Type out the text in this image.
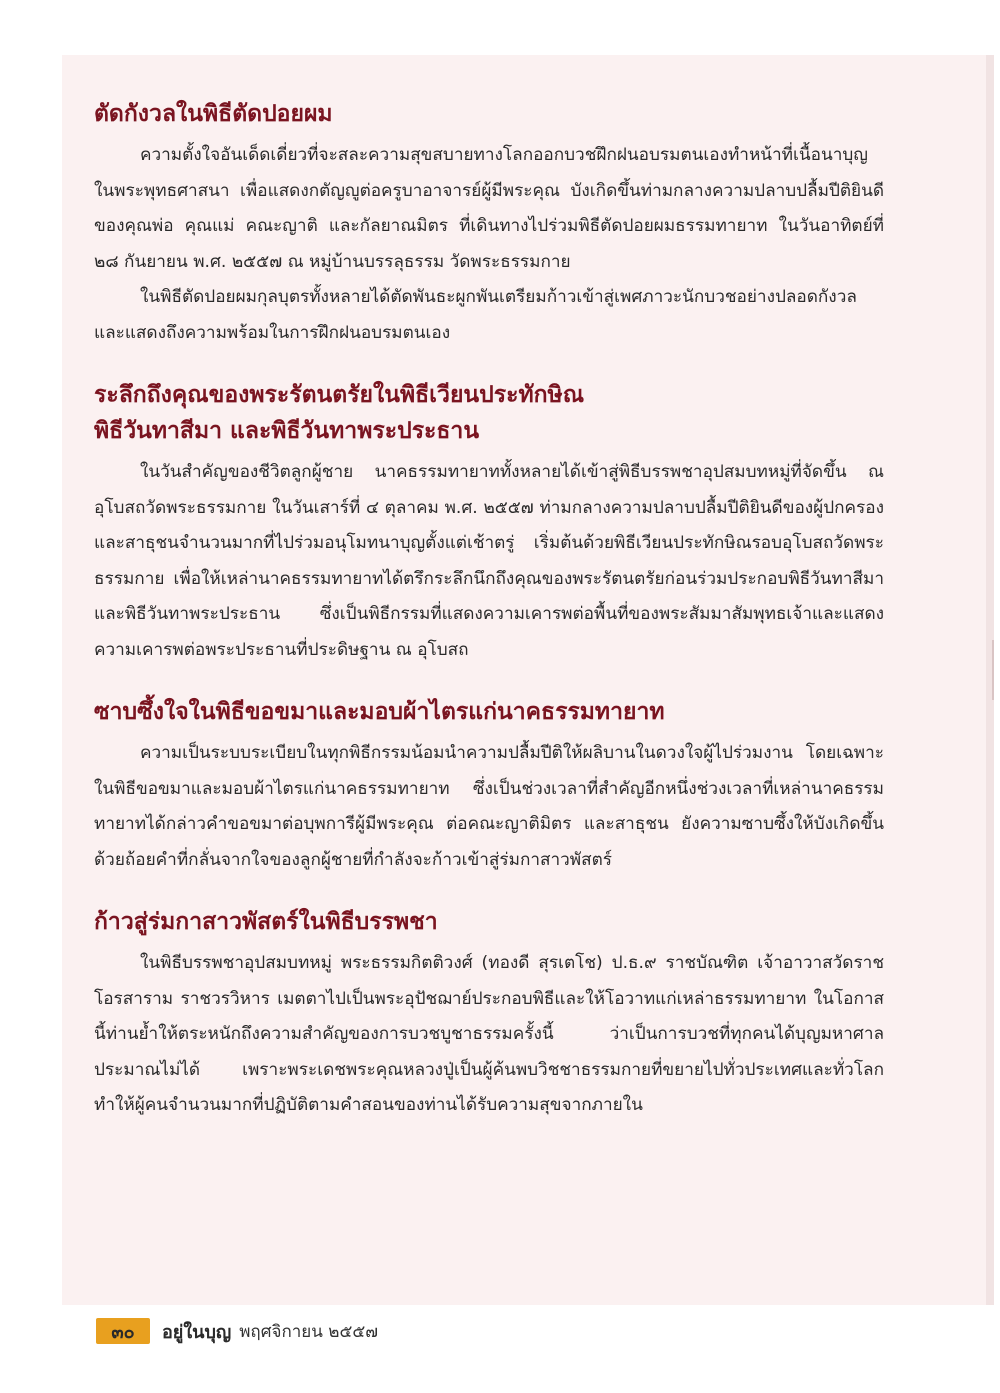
ตัดกังวลในพิธีตัดปอยผม

ความตั้งใจอันเด็ดเดี่ยวที่จะสละความสุขสบายทางโลกออกบวชฝึกฝนอบรมตนเองทำหน้าที่เนื้อนาบุญในพระพุทธศาสนา เพื่อแสดงกตัญญูต่อครูบาอาจารย์ผู้มีพระคุณ บังเกิดขึ้นท่ามกลางความปลาบปลื้มปีติยินดีของคุณพ่อ คุณแม่ คณะญาติ และกัลยาณมิตร ที่เดินทางไปร่วมพิธีตัดปอยผมธรรมทายาท ในวันอาทิตย์ที่ ๒๘ กันยายน พ.ศ. ๒๕๕๗ ณ หมู่บ้านบรรลุธรรม วัดพระธรรมกาย

ในพิธีตัดปอยผมกุลบุตรทั้งหลายได้ตัดพันธะผูกพันเตรียมก้าวเข้าสู่เพศภาวะนักบวชอย่างปลอดกังวลและแสดงถึงความพร้อมในการฝึกฝนอบรมตนเอง

ระลึกถึงคุณของพระรัตนตรัยในพิธีเวียนประทักษิณ
พิธีวันทาสีมา และพิธีวันทาพระประธาน

ในวันสำคัญของชีวิตลูกผู้ชาย นาคธรรมทายาททั้งหลายได้เข้าสู่พิธีบรรพชาอุปสมบทหมู่ที่จัดขึ้น ณ อุโบสถวัดพระธรรมกาย ในวันเสาร์ที่ ๔ ตุลาคม พ.ศ. ๒๕๕๗ ท่ามกลางความปลาบปลื้มปีติยินดีของผู้ปกครองและสาธุชนจำนวนมากที่ไปร่วมอนุโมทนาบุญตั้งแต่เช้าตรู่ เริ่มต้นด้วยพิธีเวียนประทักษิณรอบอุโบสถวัดพระธรรมกาย เพื่อให้เหล่านาคธรรมทายาทได้ตรึกระลึกนึกถึงคุณของพระรัตนตรัยก่อนร่วมประกอบพิธีวันทาสีมาและพิธีวันทาพระประธาน ซึ่งเป็นพิธีกรรมที่แสดงความเคารพต่อพื้นที่ของพระสัมมาสัมพุทธเจ้าและแสดงความเคารพต่อพระประธานที่ประดิษฐาน ณ อุโบสถ

ซาบซึ้งใจในพิธีขอขมาและมอบผ้าไตรแก่นาคธรรมทายาท

ความเป็นระบบระเบียบในทุกพิธีกรรมน้อมนำความปลื้มปีติให้ผลิบานในดวงใจผู้ไปร่วมงาน โดยเฉพาะในพิธีขอขมาและมอบผ้าไตรแก่นาคธรรมทายาท ซึ่งเป็นช่วงเวลาที่สำคัญอีกหนึ่งช่วงเวลาที่เหล่านาคธรรมทายาทได้กล่าวคำขอขมาต่อบุพการีผู้มีพระคุณ ต่อคณะญาติมิตร และสาธุชน ยังความซาบซึ้งให้บังเกิดขึ้นด้วยถ้อยคำที่กลั่นจากใจของลูกผู้ชายที่กำลังจะก้าวเข้าสู่ร่มกาสาวพัสตร์

ก้าวสู่ร่มกาสาวพัสตร์ในพิธีบรรพชา

ในพิธีบรรพชาอุปสมบทหมู่ พระธรรมกิตติวงศ์ (ทองดี สุรเตโช) ป.ธ.๙ ราชบัณฑิต เจ้าอาวาสวัดราชโอรสาราม ราชวรวิหาร เมตตาไปเป็นพระอุปัชฌาย์ประกอบพิธีและให้โอวาทแก่เหล่าธรรมทายาท ในโอกาสนี้ท่านย้ำให้ตระหนักถึงความสำคัญของการบวชบูชาธรรมครั้งนี้ ว่าเป็นการบวชที่ทุกคนได้บุญมหาศาลประมาณไม่ได้ เพราะพระเดชพระคุณหลวงปู่เป็นผู้ค้นพบวิชชาธรรมกายที่ขยายไปทั่วประเทศและทั่วโลก ทำให้ผู้คนจำนวนมากที่ปฏิบัติตามคำสอนของท่านได้รับความสุขจากภายใน

๓๐	อยู่ในบุญ พฤศจิกายน ๒๕๕๗
